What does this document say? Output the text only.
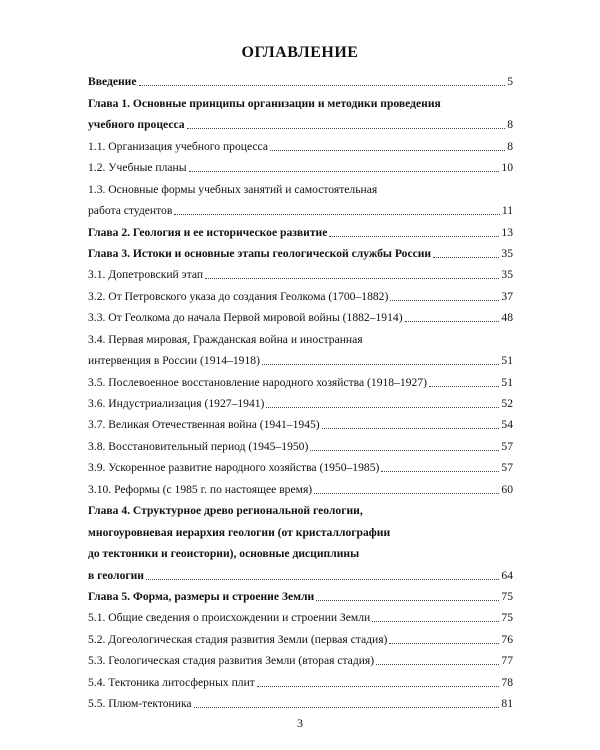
ОГЛАВЛЕНИЕ
Введение	5
Глава 1. Основные принципы организации и методики проведения
учебного процесса	8
1.1. Организация учебного процесса	8
1.2. Учебные планы	10
1.3. Основные формы учебных занятий и самостоятельная
работа студентов	11
Глава 2. Геология и ее историческое развитие	13
Глава 3. Истоки и основные этапы геологической службы России	35
3.1. Допетровский этап	35
3.2. От Петровского указа до создания Геолкома (1700–1882)	37
3.3. От Геолкома до начала Первой мировой войны (1882–1914)	48
3.4. Первая мировая, Гражданская война и иностранная
интервенция в России (1914–1918)	51
3.5. Послевоенное восстановление народного хозяйства (1918–1927)	51
3.6. Индустриализация (1927–1941)	52
3.7. Великая Отечественная война (1941–1945)	54
3.8. Восстановительный период (1945–1950)	57
3.9. Ускоренное развитие народного хозяйства (1950–1985)	57
3.10. Реформы (с 1985 г. по настоящее время)	60
Глава 4. Структурное древо региональной геологии,
многоуровневая иерархия геологии (от кристаллографии
до тектоники и геоистории), основные дисциплины
в геологии	64
Глава 5. Форма, размеры и строение Земли	75
5.1. Общие сведения о происхождении и строении Земли	75
5.2. Догеологическая стадия развития Земли (первая стадия)	76
5.3. Геологическая стадия развития Земли (вторая стадия)	77
5.4. Тектоника литосферных плит	78
5.5. Плюм-тектоника	81
3
